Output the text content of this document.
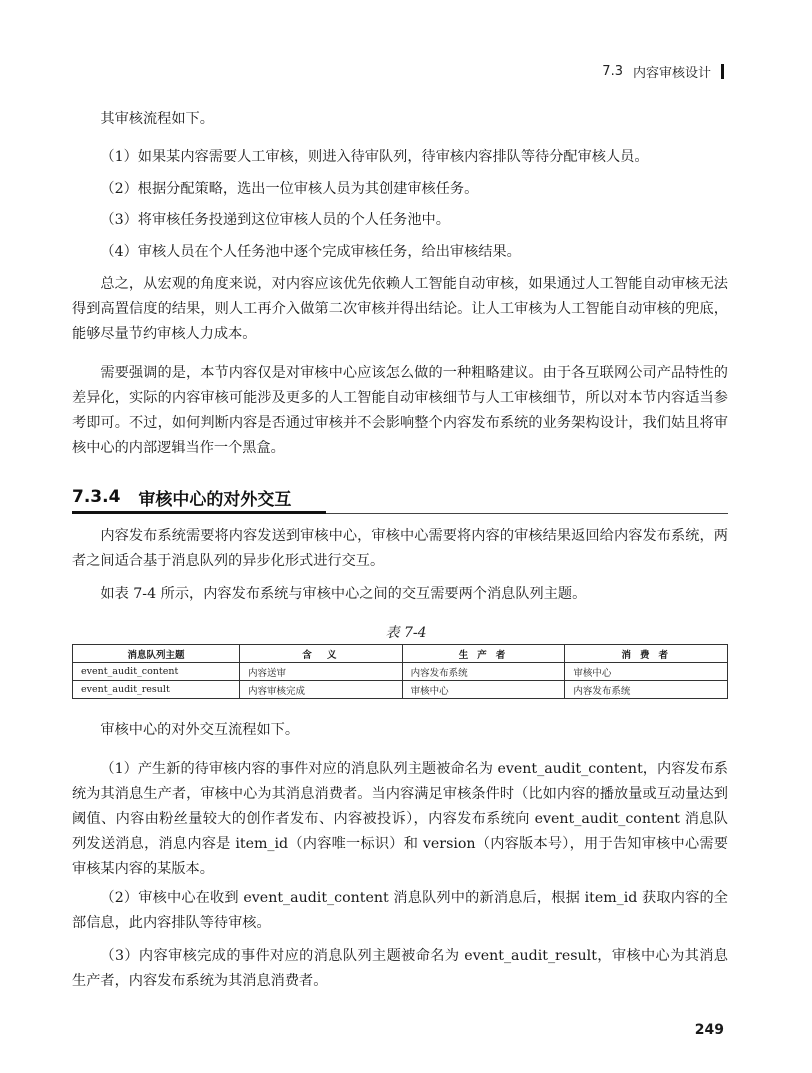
7.3 内容审核设计

其审核流程如下。

（1）如果某内容需要人工审核，则进入待审队列，待审核内容排队等待分配审核人员。

（2）根据分配策略，选出一位审核人员为其创建审核任务。

（3）将审核任务投递到这位审核人员的个人任务池中。

（4）审核人员在个人任务池中逐个完成审核任务，给出审核结果。

总之，从宏观的角度来说，对内容应该优先依赖人工智能自动审核，如果通过人工智能自动审核无法得到高置信度的结果，则人工再介入做第二次审核并得出结论。让人工审核为人工智能自动审核的兜底，能够尽量节约审核人力成本。

需要强调的是，本节内容仅是对审核中心应该怎么做的一种粗略建议。由于各互联网公司产品特性的差异化，实际的内容审核可能涉及更多的人工智能自动审核细节与人工审核细节，所以对本节内容适当参考即可。不过，如何判断内容是否通过审核并不会影响整个内容发布系统的业务架构设计，我们姑且将审核中心的内部逻辑当作一个黑盒。

7.3.4 审核中心的对外交互

内容发布系统需要将内容发送到审核中心，审核中心需要将内容的审核结果返回给内容发布系统，两者之间适合基于消息队列的异步化形式进行交互。

如表 7-4 所示，内容发布系统与审核中心之间的交互需要两个消息队列主题。

表 7-4
消息队列主题	含　义	生 产 者	消 费 者
event_audit_content	内容送审	内容发布系统	审核中心
event_audit_result	内容审核完成	审核中心	内容发布系统

审核中心的对外交互流程如下。

（1）产生新的待审核内容的事件对应的消息队列主题被命名为 event_audit_content，内容发布系统为其消息生产者，审核中心为其消息消费者。当内容满足审核条件时（比如内容的播放量或互动量达到阈值、内容由粉丝量较大的创作者发布、内容被投诉），内容发布系统向 event_audit_content 消息队列发送消息，消息内容是 item_id（内容唯一标识）和 version（内容版本号），用于告知审核中心需要审核某内容的某版本。

（2）审核中心在收到 event_audit_content 消息队列中的新消息后，根据 item_id 获取内容的全部信息，此内容排队等待审核。

（3）内容审核完成的事件对应的消息队列主题被命名为 event_audit_result，审核中心为其消息生产者，内容发布系统为其消息消费者。

249
